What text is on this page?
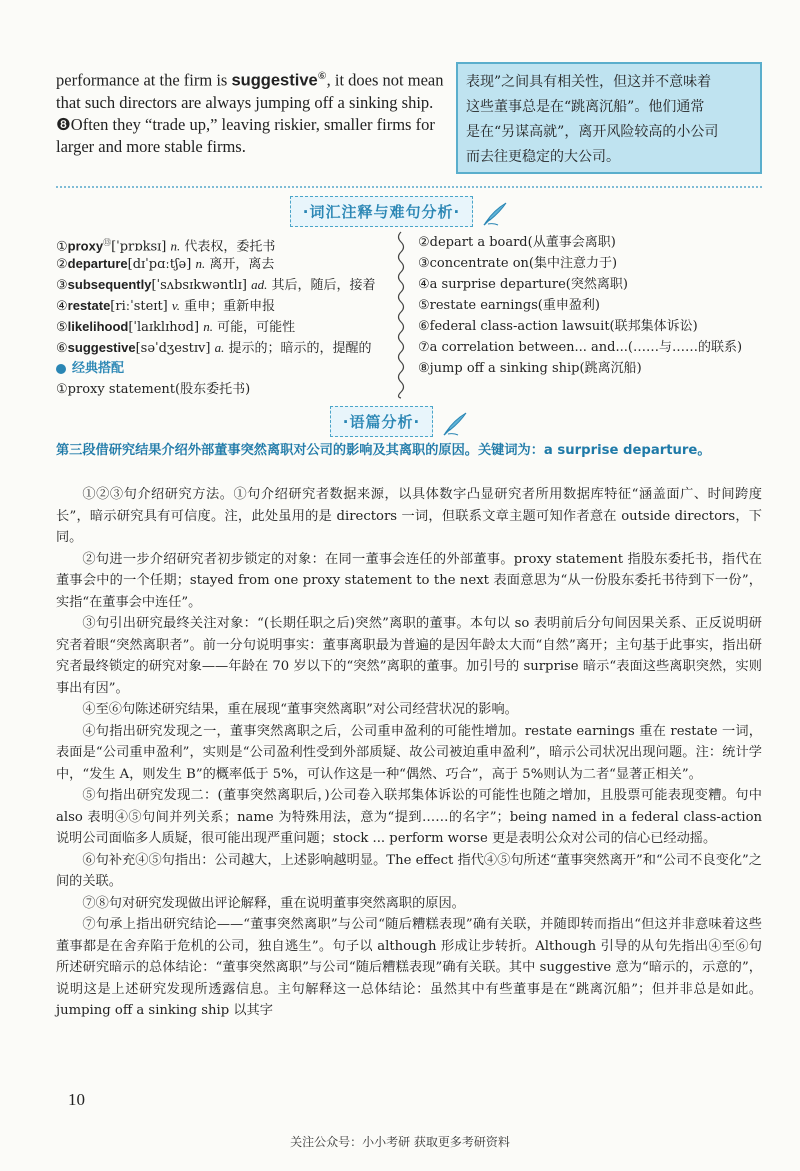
performance at the firm is suggestive⑥, it does not mean
that such directors are always jumping off a sinking ship.
❽Often they “trade up,” leaving riskier, smaller firms for
larger and more stable firms.
表现”之间具有相关性，但这并不意味着
这些董事总是在“跳离沉船”。他们通常
是在“另谋高就”，离开风险较高的小公司
而去往更稳定的大公司。
·词汇注释与难句分析·
①proxy⑬[ˈprɒksɪ] n. 代表权，委托书
②departure[dɪˈpɑːtʃə] n. 离开，离去
③subsequently[ˈsʌbsɪkwəntlɪ] ad. 其后，随后，接着
④restate[riːˈsteɪt] v. 重申；重新申报
⑤likelihood[ˈlaɪklɪhʊd] n. 可能，可能性
⑥suggestive[səˈdʒestɪv] a. 提示的；暗示的，提醒的
经典搭配
①proxy statement(股东委托书)
②depart a board(从董事会离职)
③concentrate on(集中注意力于)
④a surprise departure(突然离职)
⑤restate earnings(重申盈利)
⑥federal class-action lawsuit(联邦集体诉讼)
⑦a correlation between... and...(……与……的联系)
⑧jump off a sinking ship(跳离沉船)
·语篇分析·
第三段借研究结果介绍外部董事突然离职对公司的影响及其离职的原因。关键词为：a surprise departure。

①②③句介绍研究方法。①句介绍研究者数据来源，以具体数字凸显研究者所用数据库特征“涵盖面广、时间跨度长”，暗示研究具有可信度。注，此处虽用的是 directors 一词，但联系文章主题可知作者意在 outside directors，下同。

②句进一步介绍研究者初步锁定的对象：在同一董事会连任的外部董事。proxy statement 指股东委托书，指代在董事会中的一个任期；stayed from one proxy statement to the next 表面意思为“从一份股东委托书待到下一份”，实指“在董事会中连任”。

③句引出研究最终关注对象：“(长期任职之后)突然”离职的董事。本句以 so 表明前后分句间因果关系、正反说明研究者着眼“突然离职者”。前一分句说明事实：董事离职最为普遍的是因年龄太大而“自然”离开；主句基于此事实，指出研究者最终锁定的研究对象——年龄在 70 岁以下的“突然”离职的董事。加引号的 surprise 暗示“表面这些离职突然，实则事出有因”。

④至⑥句陈述研究结果，重在展现“董事突然离职”对公司经营状况的影响。

④句指出研究发现之一，董事突然离职之后，公司重申盈利的可能性增加。restate earnings 重在 restate 一词，表面是“公司重申盈利”，实则是“公司盈利性受到外部质疑、故公司被迫重申盈利”，暗示公司状况出现问题。注：统计学中，“发生 A，则发生 B”的概率低于 5%，可认作这是一种“偶然、巧合”，高于 5%则认为二者“显著正相关”。

⑤句指出研究发现二：(董事突然离职后，)公司卷入联邦集体诉讼的可能性也随之增加，且股票可能表现变糟。句中 also 表明④⑤句间并列关系；name 为特殊用法，意为“提到……的名字”；being named in a federal class-action 说明公司面临多人质疑，很可能出现严重问题；stock ... perform worse 更是表明公众对公司的信心已经动摇。

⑥句补充④⑤句指出：公司越大，上述影响越明显。The effect 指代④⑤句所述“董事突然离开”和“公司不良变化”之间的关联。

⑦⑧句对研究发现做出评论解释，重在说明董事突然离职的原因。

⑦句承上指出研究结论——“董事突然离职”与公司“随后糟糕表现”确有关联，并随即转而指出“但这并非意味着这些董事都是在舍弃陷于危机的公司，独自逃生”。句子以 although 形成让步转折。Although 引导的从句先指出④至⑥句所述研究暗示的总体结论：“董事突然离职”与公司“随后糟糕表现”确有关联。其中 suggestive 意为“暗示的，示意的”，说明这是上述研究发现所透露信息。主句解释这一总体结论：虽然其中有些董事是在“跳离沉船”；但并非总是如此。jumping off a sinking ship 以其字

10
关注公众号：小小考研 获取更多考研资料
